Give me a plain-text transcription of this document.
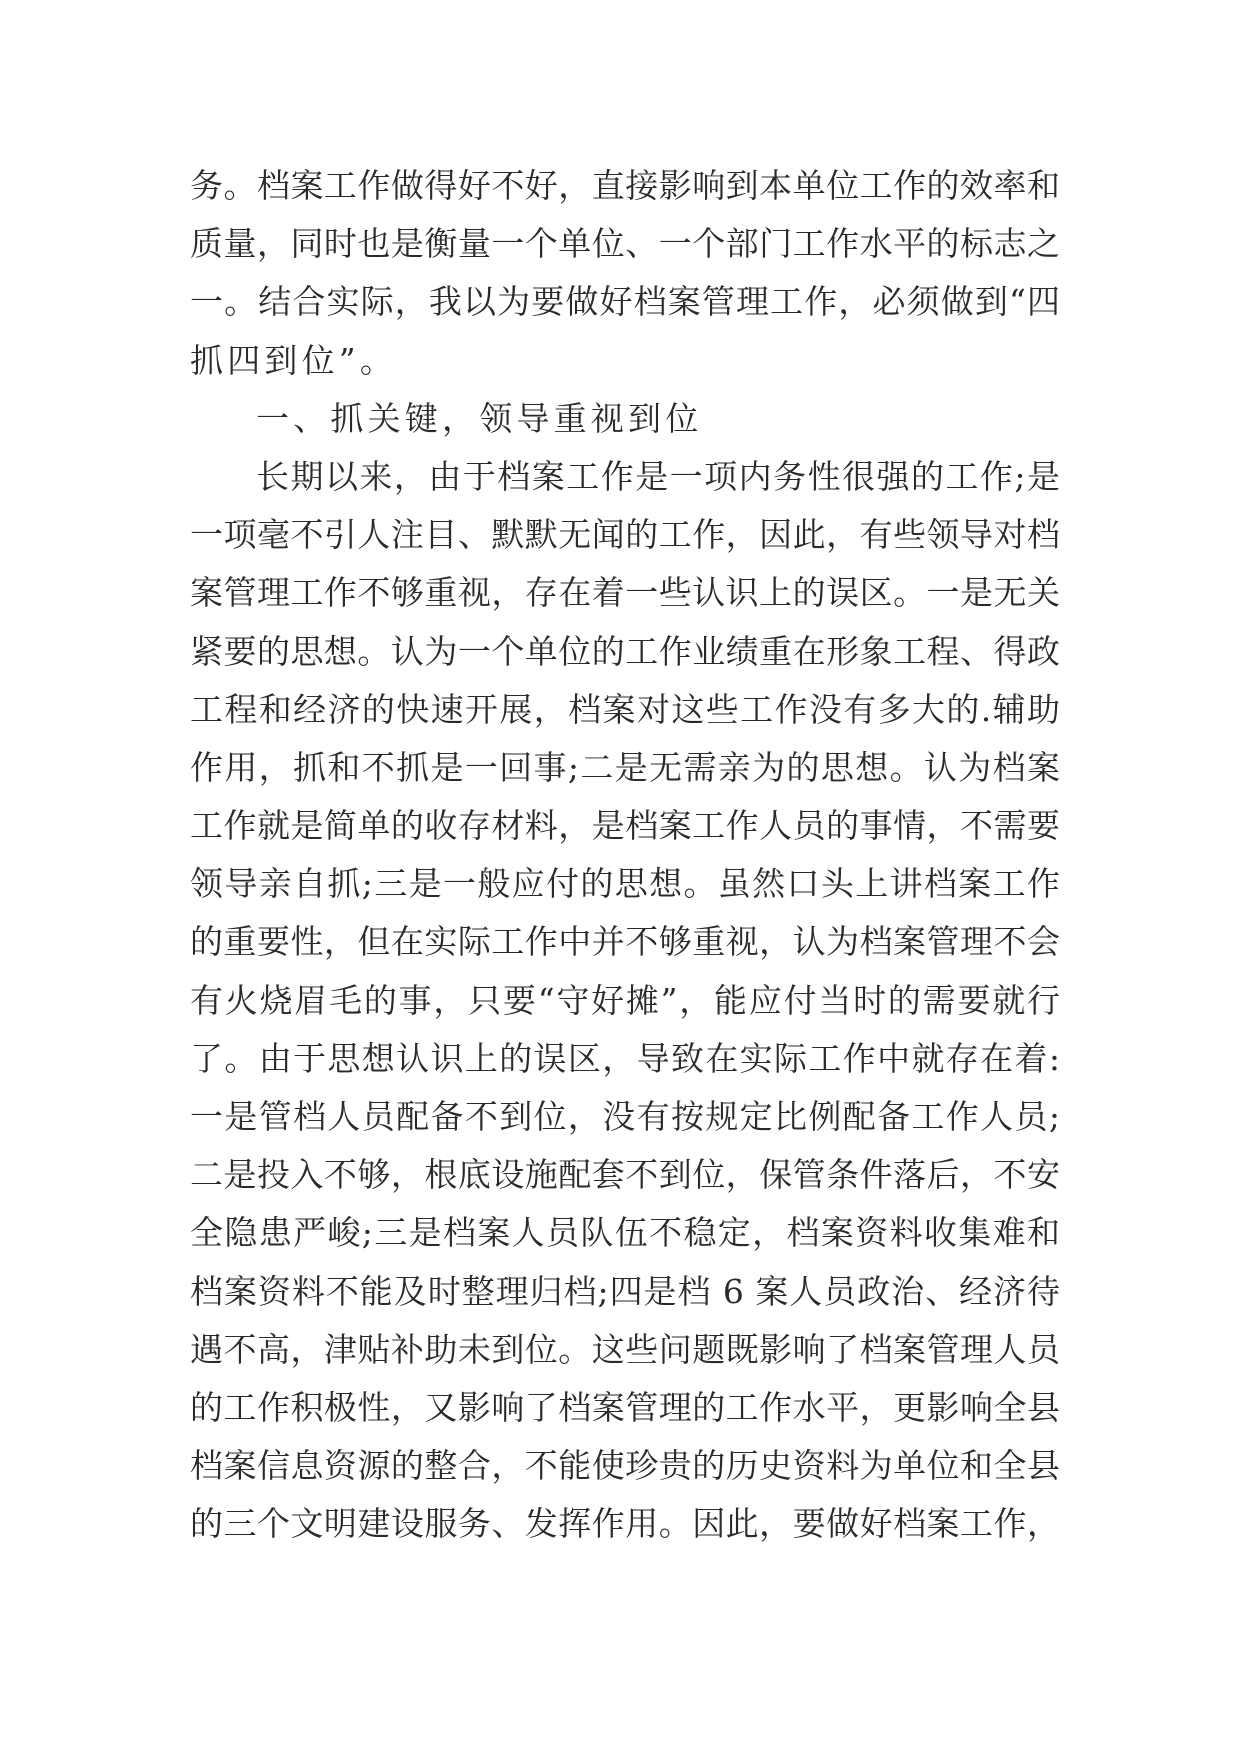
务。档案工作做得好不好，直接影响到本单位工作的效率和
质量，同时也是衡量一个单位、一个部门工作水平的标志之
一。结合实际，我以为要做好档案管理工作，必须做到“四
抓四到位”。
一、抓关键，领导重视到位
长期以来，由于档案工作是一项内务性很强的工作;是
一项毫不引人注目、默默无闻的工作，因此，有些领导对档
案管理工作不够重视，存在着一些认识上的误区。一是无关
紧要的思想。认为一个单位的工作业绩重在形象工程、得政
工程和经济的快速开展，档案对这些工作没有多大的.辅助
作用，抓和不抓是一回事;二是无需亲为的思想。认为档案
工作就是简单的收存材料，是档案工作人员的事情，不需要
领导亲自抓;三是一般应付的思想。虽然口头上讲档案工作
的重要性，但在实际工作中并不够重视，认为档案管理不会
有火烧眉毛的事，只要“守好摊”，能应付当时的需要就行
了。由于思想认识上的误区，导致在实际工作中就存在着:
一是管档人员配备不到位，没有按规定比例配备工作人员;
二是投入不够，根底设施配套不到位，保管条件落后，不安
全隐患严峻;三是档案人员队伍不稳定，档案资料收集难和
档案资料不能及时整理归档;四是档 6 案人员政治、经济待
遇不高，津贴补助未到位。这些问题既影响了档案管理人员
的工作积极性，又影响了档案管理的工作水平，更影响全县
档案信息资源的整合，不能使珍贵的历史资料为单位和全县
的三个文明建设服务、发挥作用。因此，要做好档案工作，
